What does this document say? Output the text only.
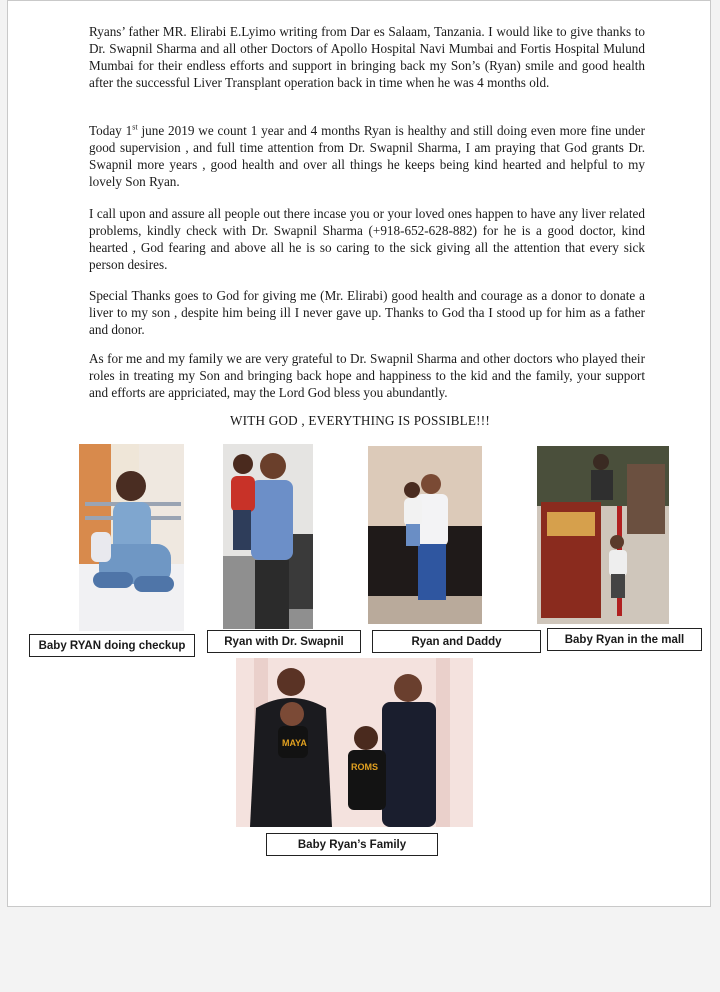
Ryans’ father MR. Elirabi E.Lyimo writing from Dar es Salaam, Tanzania. I would like to give thanks to Dr. Swapnil Sharma and all other Doctors of Apollo Hospital Navi Mumbai and Fortis Hospital Mulund Mumbai for their endless efforts and support in bringing back my Son’s (Ryan) smile and good health after the successful Liver Transplant operation back in time when he was 4 months old.
Today 1st june 2019 we count 1 year and 4 months Ryan is healthy and still doing even more fine under good supervision , and full time attention from Dr. Swapnil Sharma, I am praying that God grants Dr. Swapnil more years , good health and over all things he keeps being kind hearted and helpful to my lovely Son Ryan.
I call upon and assure all people out there incase you or your loved ones happen to have any liver related problems, kindly check with Dr. Swapnil Sharma (+918-652-628-882) for he is a good doctor, kind hearted , God fearing and above all he is so caring to the sick giving all the attention that every sick person desires.
Special Thanks goes to God for giving me (Mr. Elirabi) good health and courage as a donor to donate a liver to my son , despite him being ill I never gave up. Thanks to God tha I stood up for him as a father and donor.
As for me and my family we are very grateful to Dr. Swapnil Sharma and other doctors who played their roles in treating my Son and bringing back hope and happiness to the kid and the family, your support and efforts are appriciated, may the Lord God bless you abundantly.
WITH GOD , EVERYTHING IS POSSIBLE!!!
Baby RYAN doing checkup	Ryan with Dr. Swapnil	Ryan and Daddy	Baby Ryan in the mall
MAYA
ROMS
Baby Ryan’s Family
